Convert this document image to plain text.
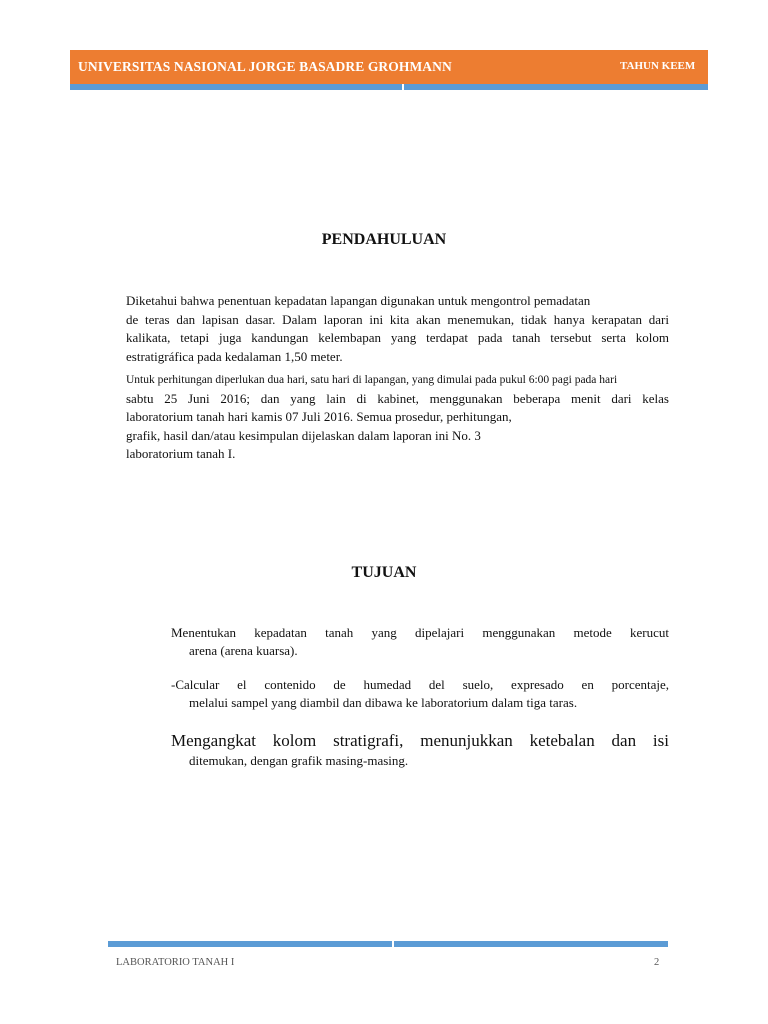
UNIVERSITAS NASIONAL JORGE BASADRE GROHMANN	TAHUN KEEM
PENDAHULUAN
Diketahui bahwa penentuan kepadatan lapangan digunakan untuk mengontrol pemadatan
de teras dan lapisan dasar. Dalam laporan ini kita akan menemukan, tidak hanya kerapatan dari
kalikata, tetapi juga kandungan kelembapan yang terdapat pada tanah tersebut serta kolom
estratigráfica pada kedalaman 1,50 meter.
Untuk perhitungan diperlukan dua hari, satu hari di lapangan, yang dimulai pada pukul 6:00 pagi pada hari
sabtu 25 Juni 2016; dan yang lain di kabinet, menggunakan beberapa menit dari kelas
laboratorium tanah hari kamis 07 Juli 2016. Semua prosedur, perhitungan,
grafik, hasil dan/atau kesimpulan dijelaskan dalam laporan ini No. 3
laboratorium tanah I.
TUJUAN
Menentukan kepadatan tanah yang dipelajari menggunakan metode kerucut
arena (arena kuarsa).
-Calcular el contenido de humedad del suelo, expresado en porcentaje,
melalui sampel yang diambil dan dibawa ke laboratorium dalam tiga taras.
Mengangkat kolom stratigrafi, menunjukkan ketebalan dan isi
ditemukan, dengan grafik masing-masing.
LABORATORIO TANAH I	2
